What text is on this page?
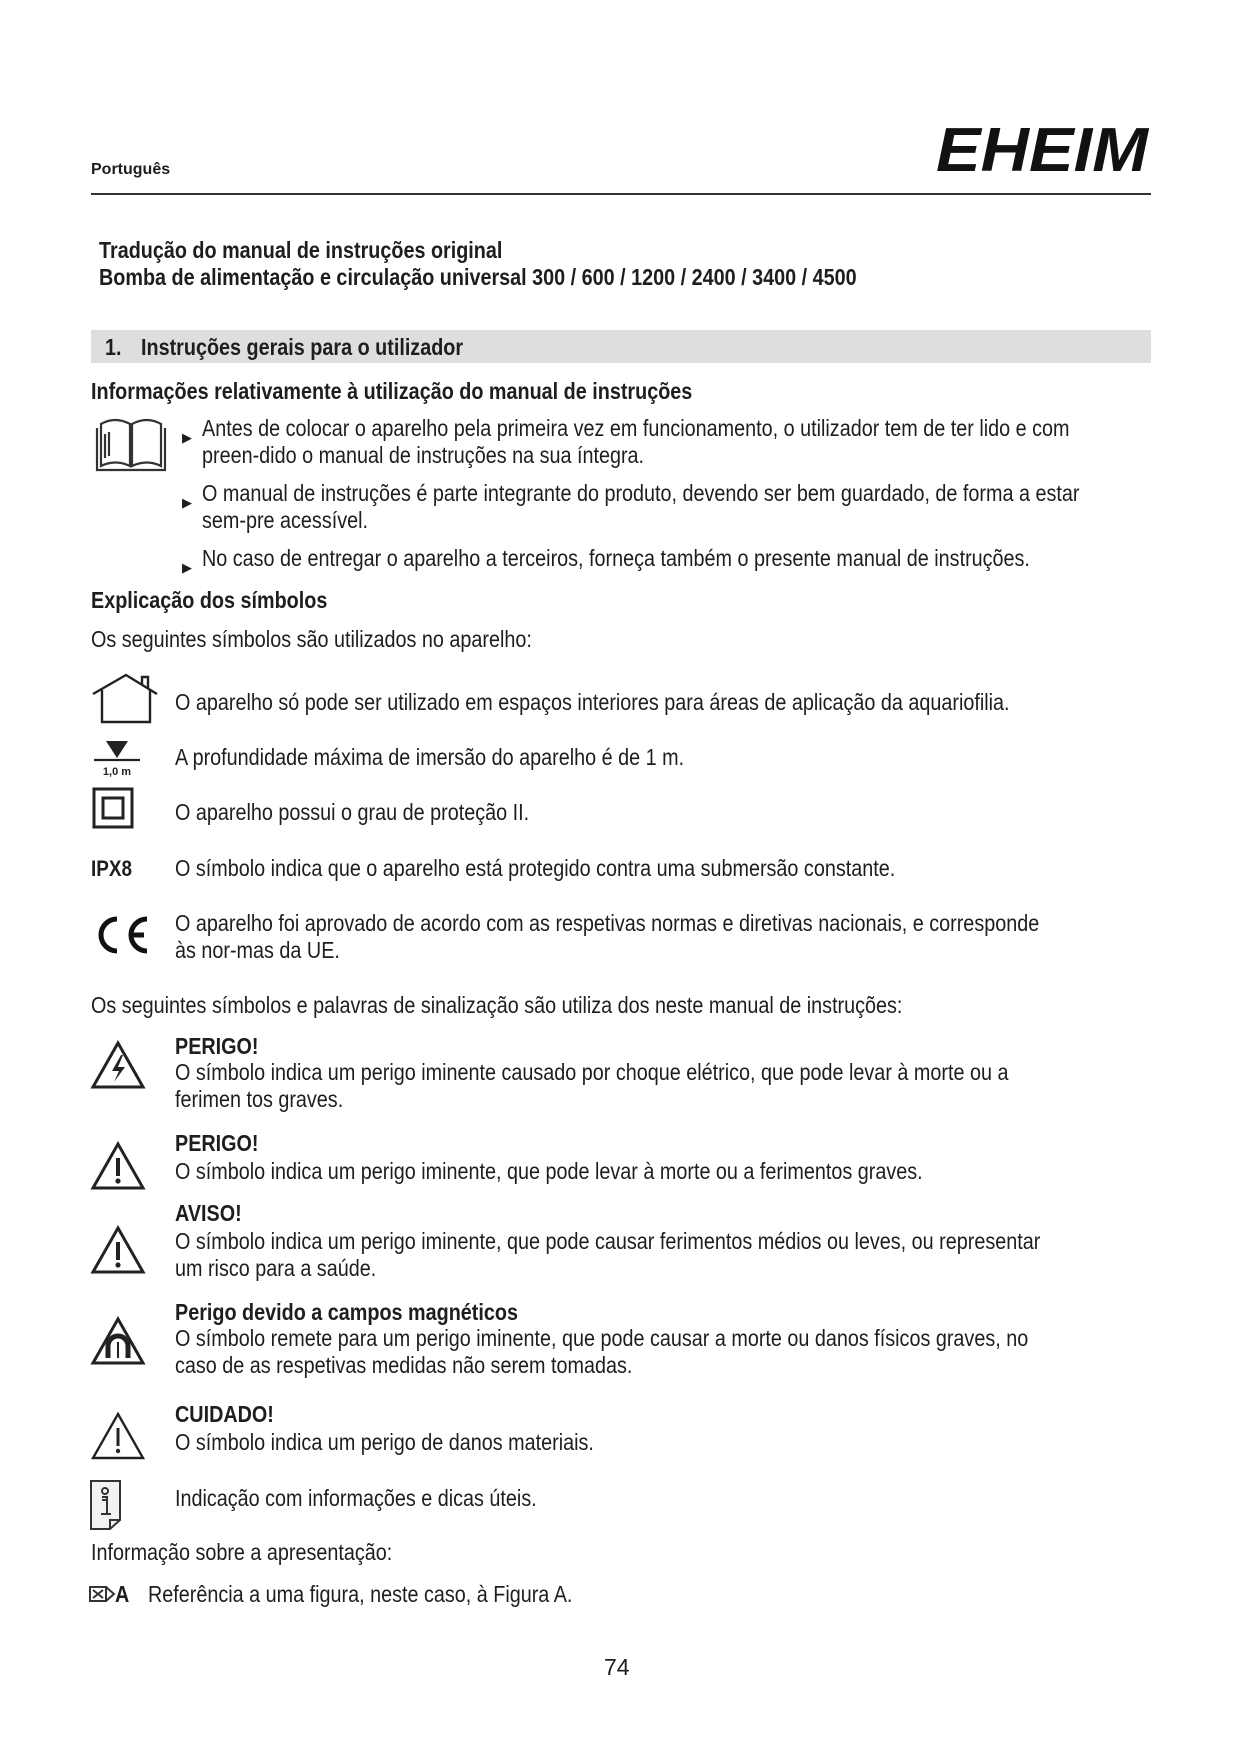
Português	EHEIM
Tradução do manual de instruções original
Bomba de alimentação e circulação universal 300 / 600 / 1200 / 2400 / 3400 / 4500
1. Instruções gerais para o utilizador
Informações relativamente à utilização do manual de instruções
▶ Antes de colocar o aparelho pela primeira vez em funcionamento, o utilizador tem de ter lido e com preen-dido o manual de instruções na sua íntegra.
▶ O manual de instruções é parte integrante do produto, devendo ser bem guardado, de forma a estar sem-pre acessível.
▶ No caso de entregar o aparelho a terceiros, forneça também o presente manual de instruções.
Explicação dos símbolos
Os seguintes símbolos são utilizados no aparelho:
O aparelho só pode ser utilizado em espaços interiores para áreas de aplicação da aquariofilia.
1,0 m
A profundidade máxima de imersão do aparelho é de 1 m.
O aparelho possui o grau de proteção II.
IPX8 O símbolo indica que o aparelho está protegido contra uma submersão constante.
O aparelho foi aprovado de acordo com as respetivas normas e diretivas nacionais, e corresponde às nor-mas da UE.
Os seguintes símbolos e palavras de sinalização são utiliza dos neste manual de instruções:
PERIGO!
O símbolo indica um perigo iminente causado por choque elétrico, que pode levar à morte ou a ferimen tos graves.
PERIGO!
O símbolo indica um perigo iminente, que pode levar à morte ou a ferimentos graves.
AVISO!
O símbolo indica um perigo iminente, que pode causar ferimentos médios ou leves, ou representar um risco para a saúde.
Perigo devido a campos magnéticos
O símbolo remete para um perigo iminente, que pode causar a morte ou danos físicos graves, no caso de as respetivas medidas não serem tomadas.
CUIDADO!
O símbolo indica um perigo de danos materiais.
Indicação com informações e dicas úteis.
Informação sobre a apresentação:
A Referência a uma figura, neste caso, à Figura A.
74
